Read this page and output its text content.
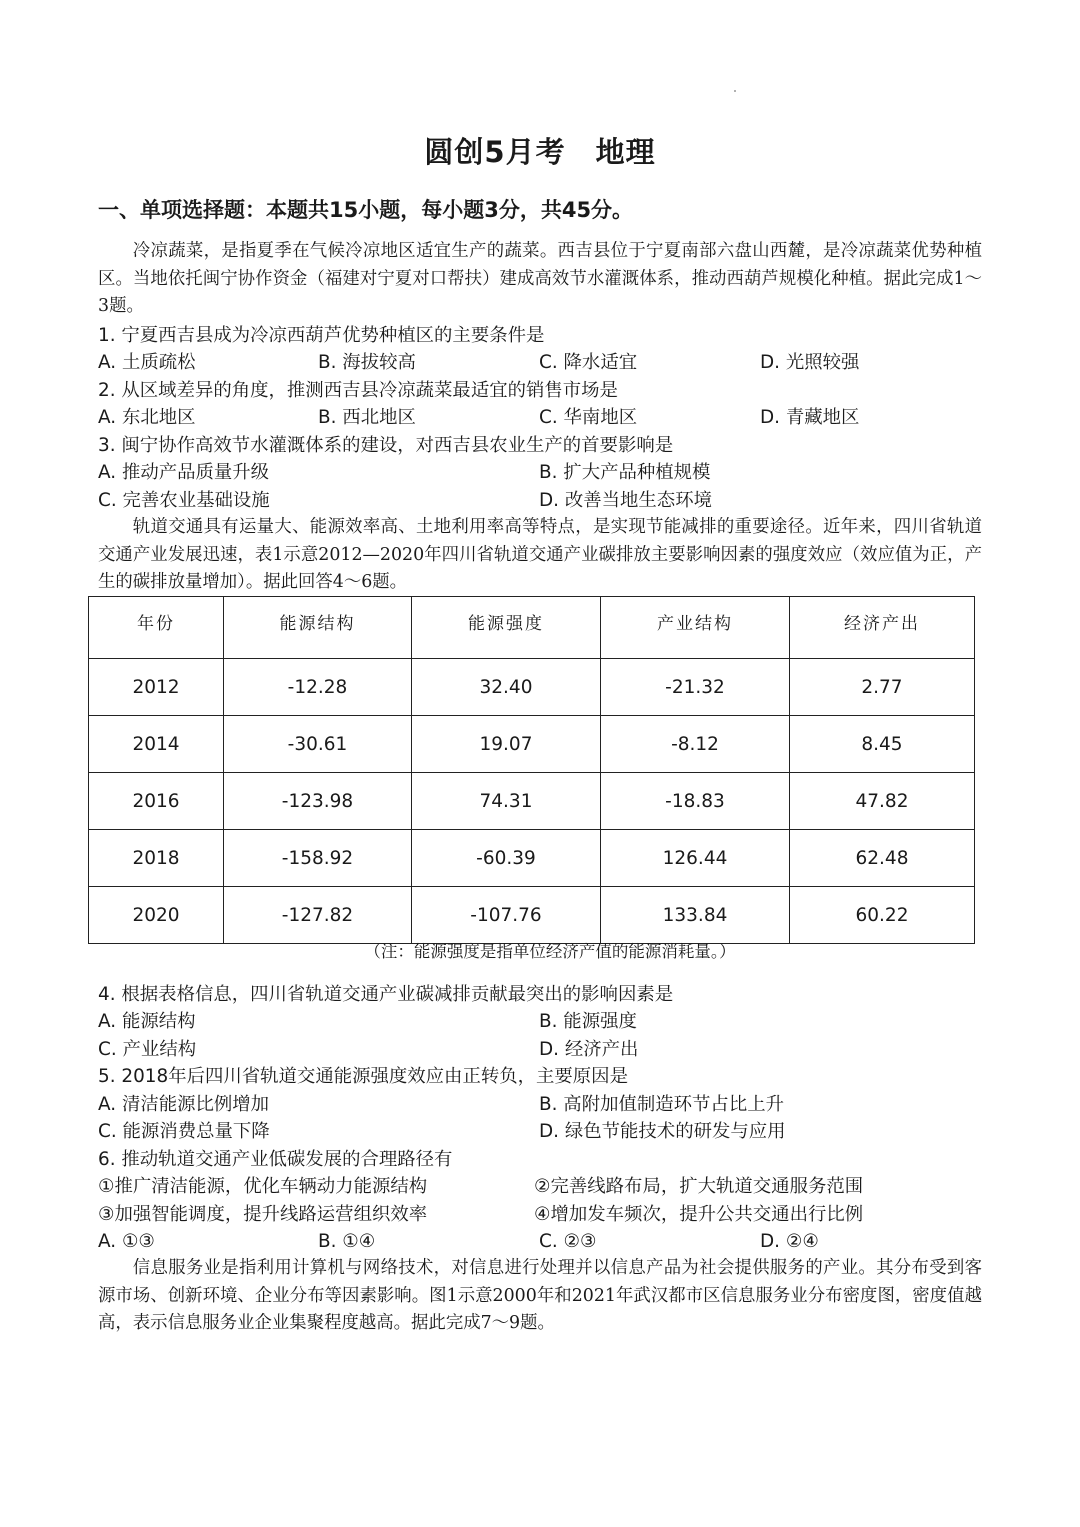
圆创5月考　地理
一、单项选择题：本题共15小题，每小题3分，共45分。
冷凉蔬菜，是指夏季在气候冷凉地区适宜生产的蔬菜。西吉县位于宁夏南部六盘山西麓，是冷凉蔬菜优势种植区。当地依托闽宁协作资金（福建对宁夏对口帮扶）建成高效节水灌溉体系，推动西葫芦规模化种植。据此完成1～3题。
1. 宁夏西吉县成为冷凉西葫芦优势种植区的主要条件是
A. 土质疏松	B. 海拔较高	C. 降水适宜	D. 光照较强
2. 从区域差异的角度，推测西吉县冷凉蔬菜最适宜的销售市场是
A. 东北地区	B. 西北地区	C. 华南地区	D. 青藏地区
3. 闽宁协作高效节水灌溉体系的建设，对西吉县农业生产的首要影响是
A. 推动产品质量升级	B. 扩大产品种植规模
C. 完善农业基础设施	D. 改善当地生态环境
轨道交通具有运量大、能源效率高、土地利用率高等特点，是实现节能减排的重要途径。近年来，四川省轨道交通产业发展迅速，表1示意2012—2020年四川省轨道交通产业碳排放主要影响因素的强度效应（效应值为正，产生的碳排放量增加）。据此回答4～6题。
年份	能源结构	能源强度	产业结构	经济产出
2012	-12.28	32.40	-21.32	2.77
2014	-30.61	19.07	-8.12	8.45
2016	-123.98	74.31	-18.83	47.82
2018	-158.92	-60.39	126.44	62.48
2020	-127.82	-107.76	133.84	60.22
（注：能源强度是指单位经济产值的能源消耗量。）
4. 根据表格信息，四川省轨道交通产业碳减排贡献最突出的影响因素是
A. 能源结构	B. 能源强度
C. 产业结构	D. 经济产出
5. 2018年后四川省轨道交通能源强度效应由正转负，主要原因是
A. 清洁能源比例增加	B. 高附加值制造环节占比上升
C. 能源消费总量下降	D. 绿色节能技术的研发与应用
6. 推动轨道交通产业低碳发展的合理路径有
①推广清洁能源，优化车辆动力能源结构	②完善线路布局，扩大轨道交通服务范围
③加强智能调度，提升线路运营组织效率	④增加发车频次，提升公共交通出行比例
A. ①③	B. ①④	C. ②③	D. ②④
信息服务业是指利用计算机与网络技术，对信息进行处理并以信息产品为社会提供服务的产业。其分布受到客源市场、创新环境、企业分布等因素影响。图1示意2000年和2021年武汉都市区信息服务业分布密度图，密度值越高，表示信息服务业企业集聚程度越高。据此完成7～9题。
